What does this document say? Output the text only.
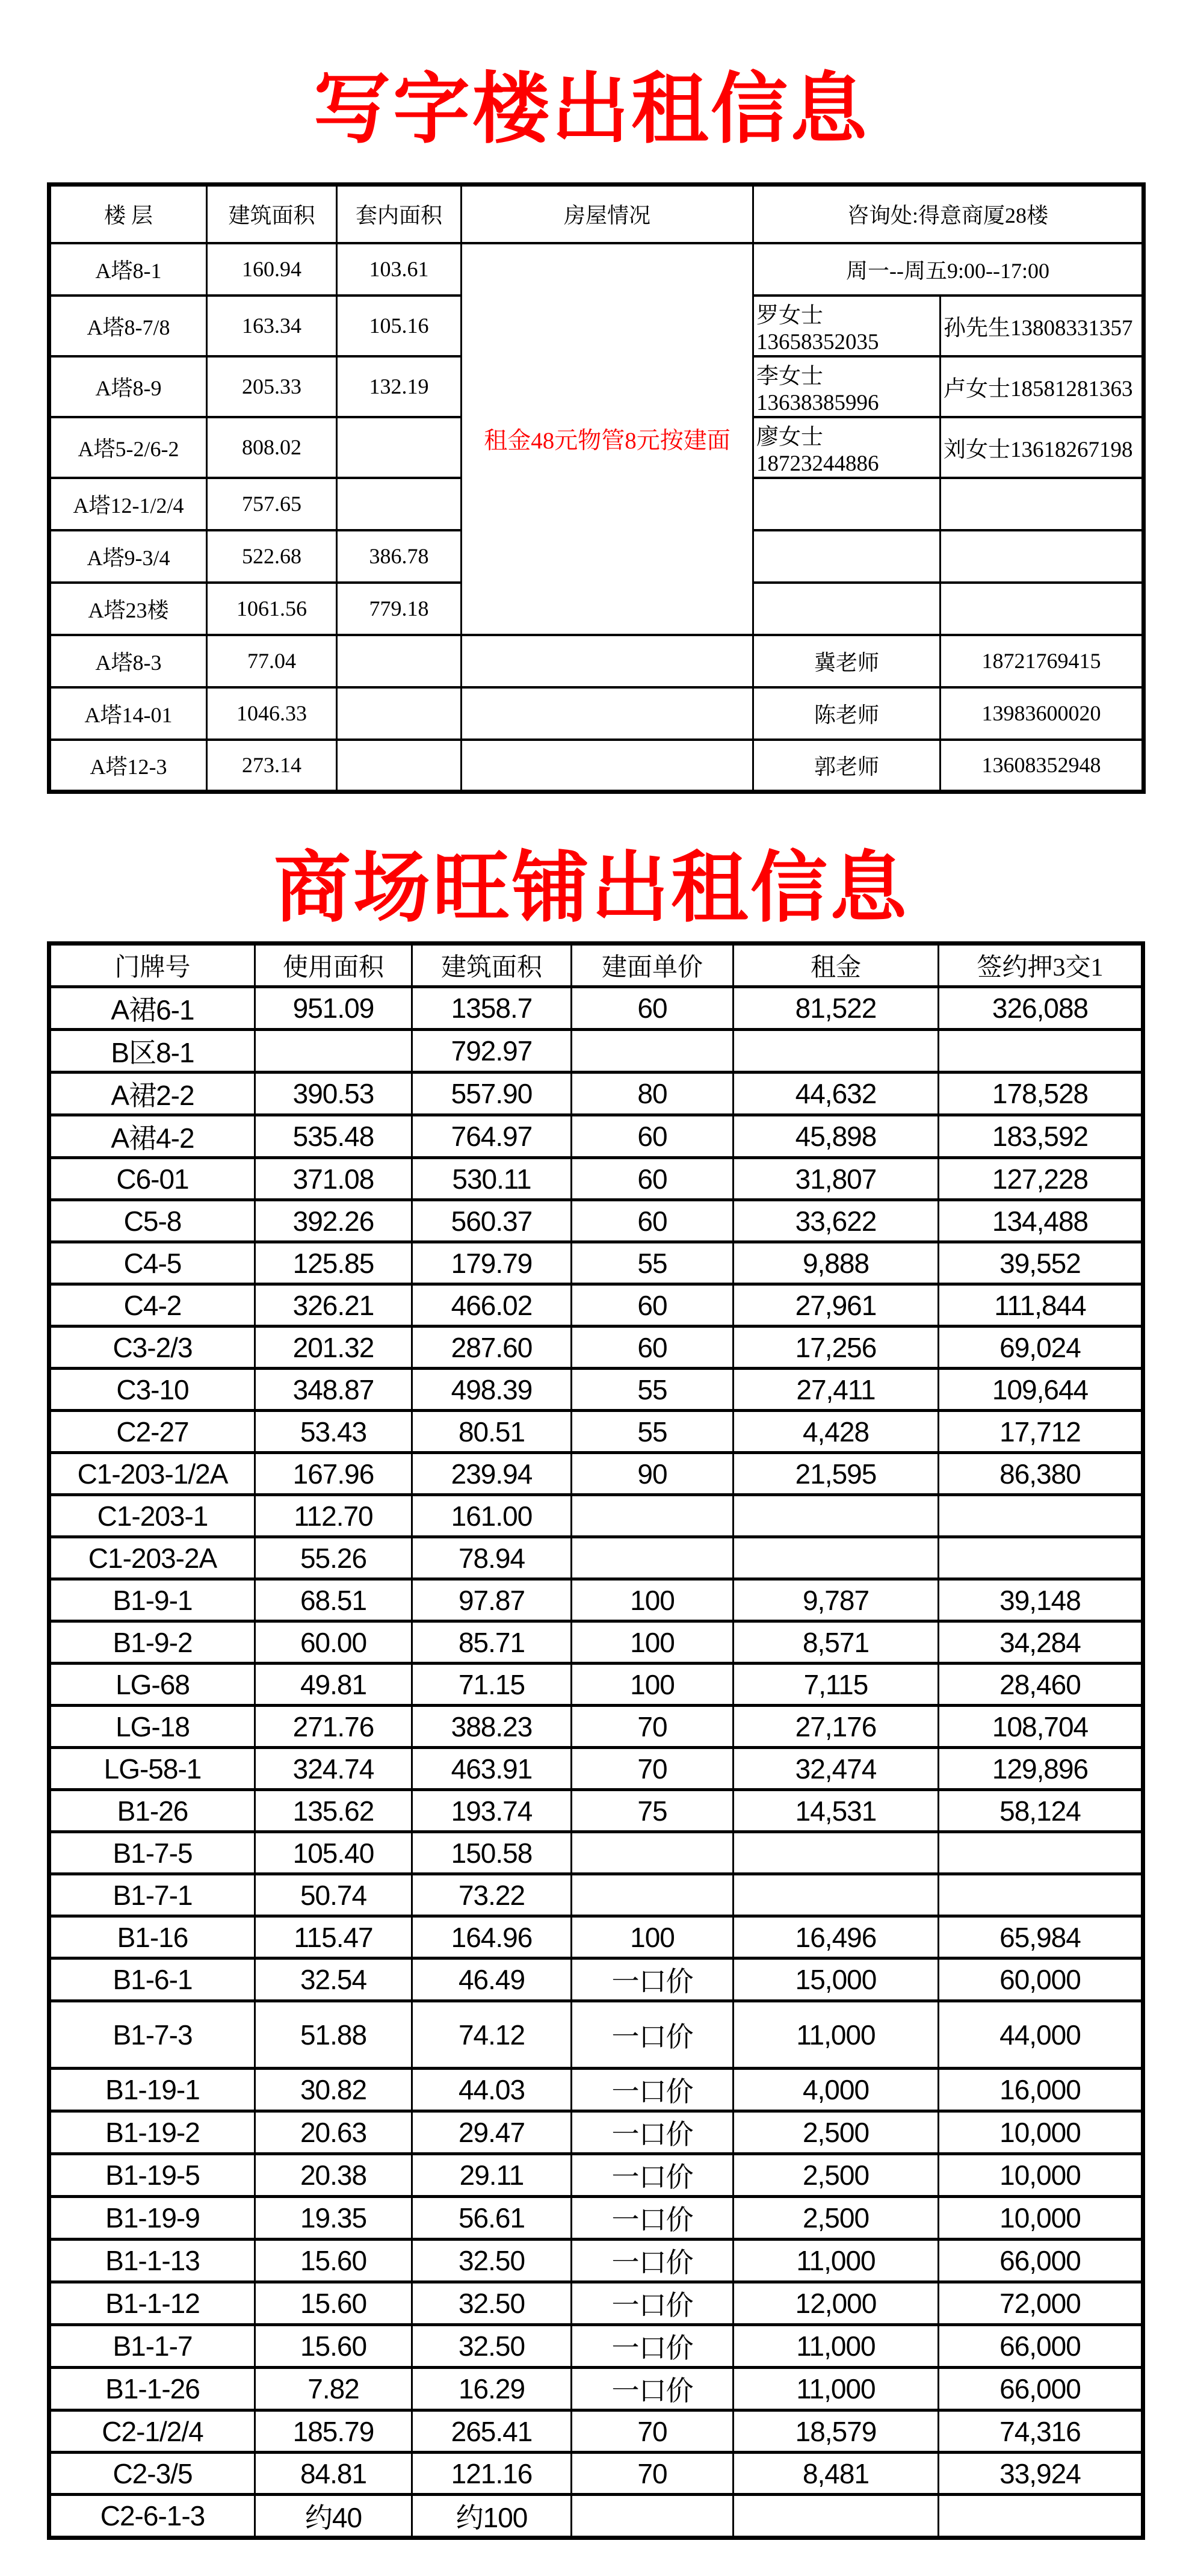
写字楼出租信息
楼 层	建筑面积	套内面积	房屋情况	咨询处:得意商厦28楼	
A塔8-1	160.94	103.61	租金48元物管8元按建面	周一--周五9:00--17:00	
A塔8-7/8	163.34	105.16		罗女士13658352035	孙先生13808331357
A塔8-9	205.33	132.19		李女士13638385996	卢女士18581281363
A塔5-2/6-2	808.02			廖女士18723244886	刘女士13618267198
A塔12-1/2/4	757.65				
A塔9-3/4	522.68	386.78			
A塔23楼	1061.56	779.18			
A塔8-3	77.04			冀老师	18721769415
A塔14-01	1046.33			陈老师	13983600020
A塔12-3	273.14			郭老师	13608352948
商场旺铺出租信息
门牌号	使用面积	建筑面积	建面单价	租金	签约押3交1
A裙6-1	951.09	1358.7	60	81,522	326,088
B区8-1		792.97			
A裙2-2	390.53	557.90	80	44,632	178,528
A裙4-2	535.48	764.97	60	45,898	183,592
C6-01	371.08	530.11	60	31,807	127,228
C5-8	392.26	560.37	60	33,622	134,488
C4-5	125.85	179.79	55	9,888	39,552
C4-2	326.21	466.02	60	27,961	111,844
C3-2/3	201.32	287.60	60	17,256	69,024
C3-10	348.87	498.39	55	27,411	109,644
C2-27	53.43	80.51	55	4,428	17,712
C1-203-1/2A	167.96	239.94	90	21,595	86,380
C1-203-1	112.70	161.00			
C1-203-2A	55.26	78.94			
B1-9-1	68.51	97.87	100	9,787	39,148
B1-9-2	60.00	85.71	100	8,571	34,284
LG-68	49.81	71.15	100	7,115	28,460
LG-18	271.76	388.23	70	27,176	108,704
LG-58-1	324.74	463.91	70	32,474	129,896
B1-26	135.62	193.74	75	14,531	58,124
B1-7-5	105.40	150.58			
B1-7-1	50.74	73.22			
B1-16	115.47	164.96	100	16,496	65,984
B1-6-1	32.54	46.49	一口价	15,000	60,000
B1-7-3	51.88	74.12	一口价	11,000	44,000
B1-19-1	30.82	44.03	一口价	4,000	16,000
B1-19-2	20.63	29.47	一口价	2,500	10,000
B1-19-5	20.38	29.11	一口价	2,500	10,000
B1-19-9	19.35	56.61	一口价	2,500	10,000
B1-1-13	15.60	32.50	一口价	11,000	66,000
B1-1-12	15.60	32.50	一口价	12,000	72,000
B1-1-7	15.60	32.50	一口价	11,000	66,000
B1-1-26	7.82	16.29	一口价	11,000	66,000
C2-1/2/4	185.79	265.41	70	18,579	74,316
C2-3/5	84.81	121.16	70	8,481	33,924
C2-6-1-3	约40	约100			
